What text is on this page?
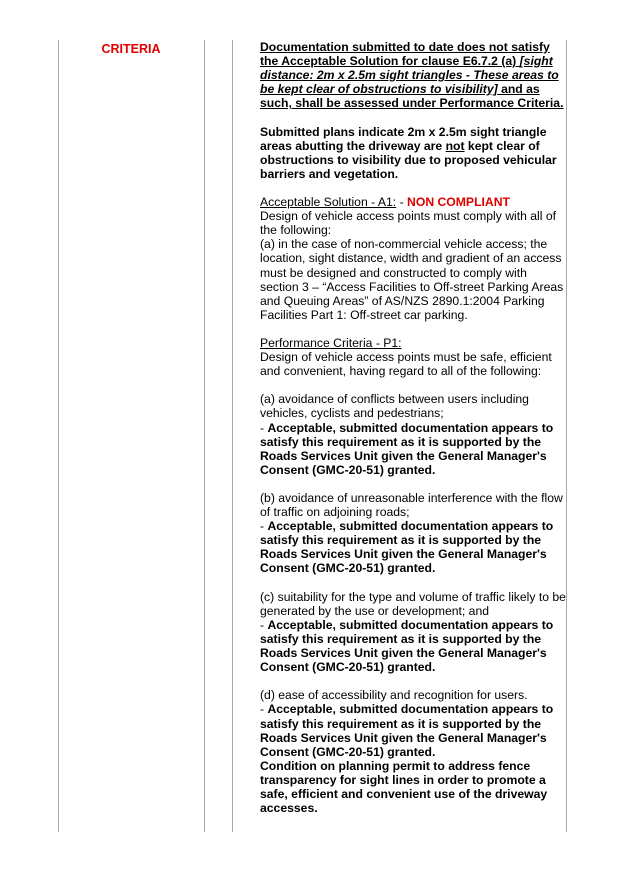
CRITERIA	Documentation submitted to date does not satisfy the Acceptable Solution for clause E6.7.2 (a) [sight distance: 2m x 2.5m sight triangles - These areas to be kept clear of obstructions to visibility] and as such, shall be assessed under Performance Criteria.

Submitted plans indicate 2m x 2.5m sight triangle areas abutting the driveway are not kept clear of obstructions to visibility due to proposed vehicular barriers and vegetation.

Acceptable Solution - A1: - NON COMPLIANT

Design of vehicle access points must comply with all of the following:

(a) in the case of non-commercial vehicle access; the location, sight distance, width and gradient of an access must be designed and constructed to comply with section 3 – “Access Facilities to Off-street Parking Areas and Queuing Areas” of AS/NZS 2890.1:2004 Parking Facilities Part 1: Off-street car parking.

Performance Criteria - P1:

Design of vehicle access points must be safe, efficient and convenient, having regard to all of the following:

(a) avoidance of conflicts between users including vehicles, cyclists and pedestrians;

- Acceptable, submitted documentation appears to satisfy this requirement as it is supported by the Roads Services Unit given the General Manager's Consent (GMC-20-51) granted.

(b) avoidance of unreasonable interference with the flow of traffic on adjoining roads;

- Acceptable, submitted documentation appears to satisfy this requirement as it is supported by the Roads Services Unit given the General Manager's Consent (GMC-20-51) granted.

(c) suitability for the type and volume of traffic likely to be generated by the use or development; and

- Acceptable, submitted documentation appears to satisfy this requirement as it is supported by the Roads Services Unit given the General Manager's Consent (GMC-20-51) granted.

(d) ease of accessibility and recognition for users.

- Acceptable, submitted documentation appears to satisfy this requirement as it is supported by the Roads Services Unit given the General Manager's Consent (GMC-20-51) granted.

Condition on planning permit to address fence transparency for sight lines in order to promote a safe, efficient and convenient use of the driveway accesses.
